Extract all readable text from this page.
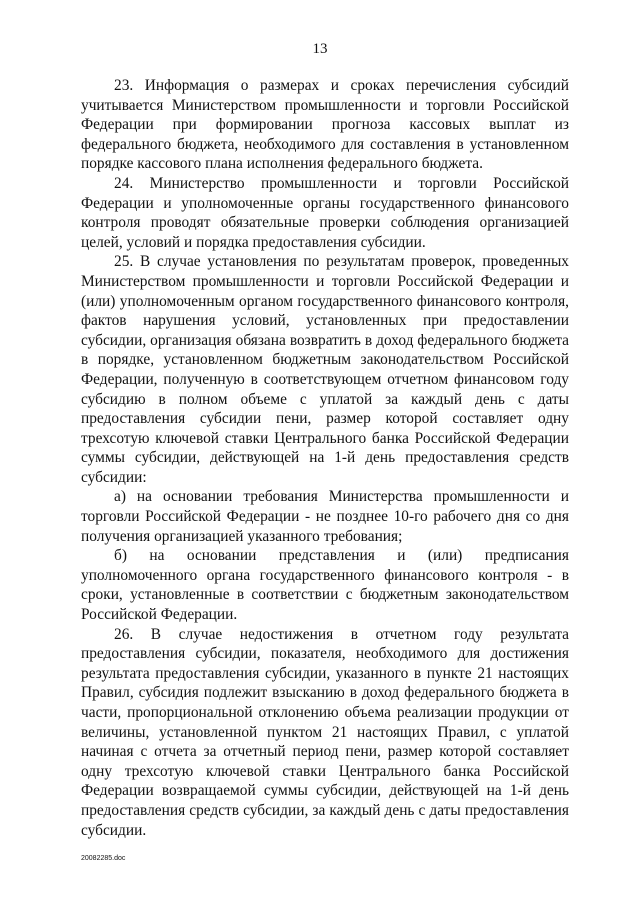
13

23. Информация о размерах и сроках перечисления субсидий учитывается Министерством промышленности и торговли Российской Федерации при формировании прогноза кассовых выплат из федерального бюджета, необходимого для составления в установленном порядке кассового плана исполнения федерального бюджета.

24. Министерство промышленности и торговли Российской Федерации и уполномоченные органы государственного финансового контроля проводят обязательные проверки соблюдения организацией целей, условий и порядка предоставления субсидии.

25. В случае установления по результатам проверок, проведенных Министерством промышленности и торговли Российской Федерации и (или) уполномоченным органом государственного финансового контроля, фактов нарушения условий, установленных при предоставлении субсидии, организация обязана возвратить в доход федерального бюджета в порядке, установленном бюджетным законодательством Российской Федерации, полученную в соответствующем отчетном финансовом году субсидию в полном объеме с уплатой за каждый день с даты предоставления субсидии пени, размер которой составляет одну трехсотую ключевой ставки Центрального банка Российской Федерации суммы субсидии, действующей на 1-й день предоставления средств субсидии:

а) на основании требования Министерства промышленности и торговли Российской Федерации - не позднее 10-го рабочего дня со дня получения организацией указанного требования;

б) на основании представления и (или) предписания уполномоченного органа государственного финансового контроля - в сроки, установленные в соответствии с бюджетным законодательством Российской Федерации.

26. В случае недостижения в отчетном году результата предоставления субсидии, показателя, необходимого для достижения результата предоставления субсидии, указанного в пункте 21 настоящих Правил, субсидия подлежит взысканию в доход федерального бюджета в части, пропорциональной отклонению объема реализации продукции от величины, установленной пунктом 21 настоящих Правил, с уплатой начиная с отчета за отчетный период пени, размер которой составляет одну трехсотую ключевой ставки Центрального банка Российской Федерации возвращаемой суммы субсидии, действующей на 1-й день предоставления средств субсидии, за каждый день с даты предоставления субсидии.

20082285.doc
